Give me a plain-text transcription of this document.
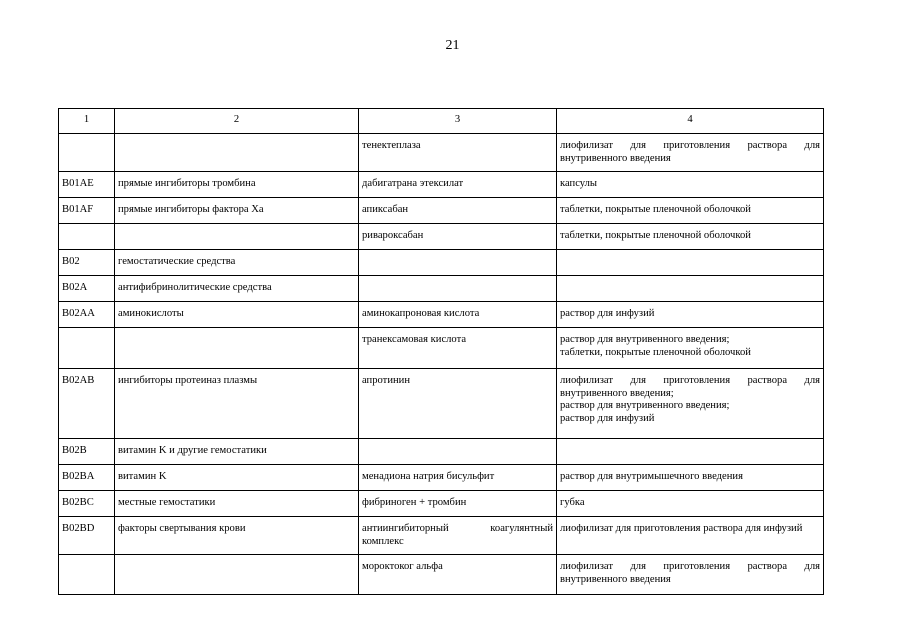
21
1	2	3	4
		тенектеплаза	лиофилизат для приготовления раствора для внутривенного введения

B01AE	прямые ингибиторы тромбина	дабигатрана этексилат	капсулы

B01AF	прямые ингибиторы фактора Xa	апиксабан	таблетки, покрытые пленочной оболочкой

		ривароксабан	таблетки, покрытые пленочной оболочкой

B02	гемостатические средства		

B02A	антифибринолитические средства		

B02AA	аминокислоты	аминокапроновая кислота	раствор для инфузий

		транексамовая кислота	раствор для внутривенного введения;
таблетки, покрытые пленочной оболочкой

B02AB	ингибиторы протеиназ плазмы	апротинин	лиофилизат для приготовления раствора для внутривенного введения;
раствор для внутривенного введения;
раствор для инфузий

B02B	витамин K и другие гемостатики		

B02BA	витамин K	менадиона натрия бисульфит	раствор для внутримышечного введения

B02BC	местные гемостатики	фибриноген + тромбин	губка

B02BD	факторы свертывания крови	антиингибиторный коагулянтный комплекс	лиофилизат для приготовления раствора для инфузий

		мороктоког альфа	лиофилизат для приготовления раствора для внутривенного введения
